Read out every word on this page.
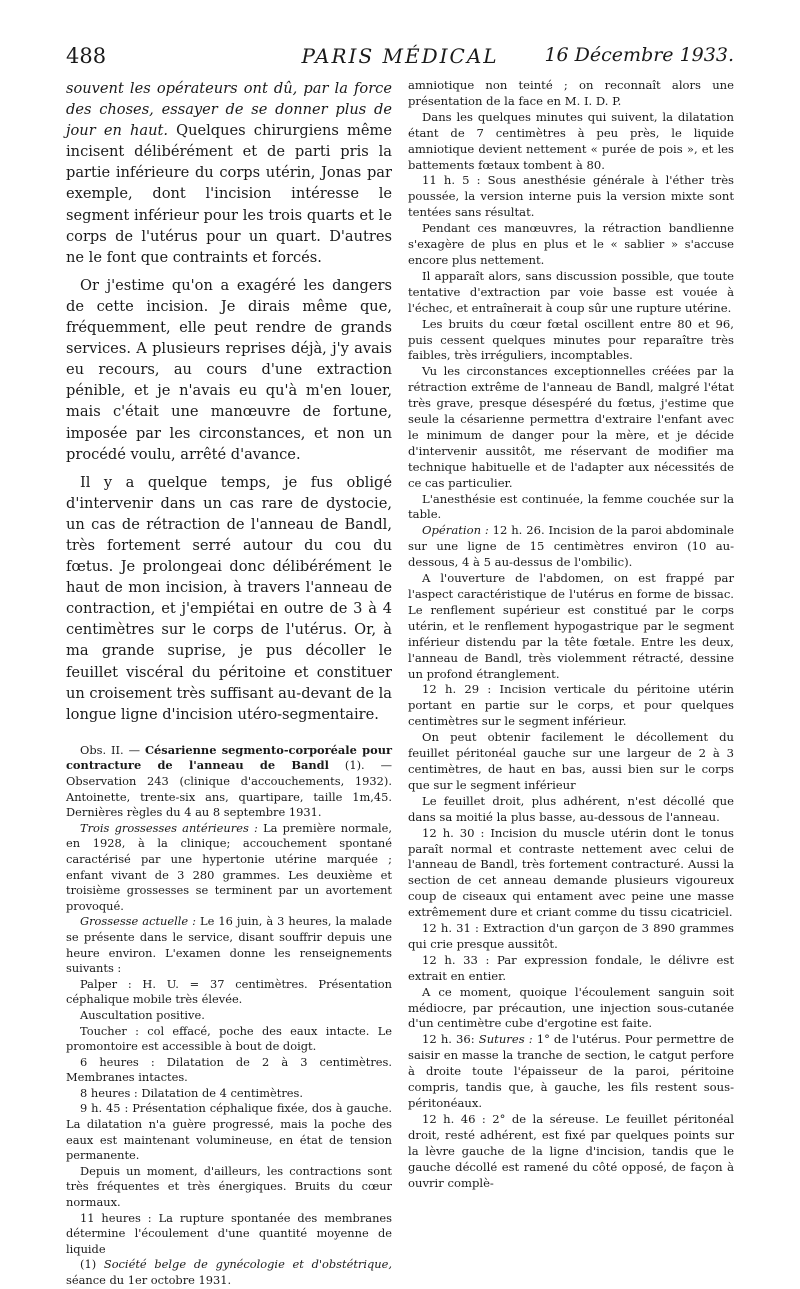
488	PARIS MÉDICAL	16 Décembre 1933.

souvent les opérateurs ont dû, par la force des choses, essayer de se donner plus de jour en haut. Quelques chirurgiens même incisent délibérément et de parti pris la partie inférieure du corps utérin, Jonas par exemple, dont l'incision intéresse le segment inférieur pour les trois quarts et le corps de l'utérus pour un quart. D'autres ne le font que contraints et forcés.

Or j'estime qu'on a exagéré les dangers de cette incision. Je dirais même que, fréquemment, elle peut rendre de grands services. A plusieurs reprises déjà, j'y avais eu recours, au cours d'une extraction pénible, et je n'avais eu qu'à m'en louer, mais c'était une manœuvre de fortune, imposée par les circonstances, et non un procédé voulu, arrêté d'avance.

Il y a quelque temps, je fus obligé d'intervenir dans un cas rare de dystocie, un cas de rétraction de l'anneau de Bandl, très fortement serré autour du cou du fœtus. Je prolongeai donc délibérément le haut de mon incision, à travers l'anneau de contraction, et j'empiétai en outre de 3 à 4 centimètres sur le corps de l'utérus. Or, à ma grande suprise, je pus décoller le feuillet viscéral du péritoine et constituer un croisement très suffisant au-devant de la longue ligne d'incision utéro-segmentaire.

Obs. II. — Césarienne segmento-corporéale pour contracture de l'anneau de Bandl (1). — Observation 243 (clinique d'accouchements, 1932). Antoinette, trente-six ans, quartipare, taille 1m,45. Dernières règles du 4 au 8 septembre 1931.

Trois grossesses antérieures : La première normale, en 1928, à la clinique; accouchement spontané caractérisé par une hypertonie utérine marquée ; enfant vivant de 3 280 grammes. Les deuxième et troisième grossesses se terminent par un avortement provoqué.

Grossesse actuelle : Le 16 juin, à 3 heures, la malade se présente dans le service, disant souffrir depuis une heure environ. L'examen donne les renseignements suivants :

Palper : H. U. = 37 centimètres. Présentation céphalique mobile très élevée.

Auscultation positive.

Toucher : col effacé, poche des eaux intacte. Le promontoire est accessible à bout de doigt.

6 heures : Dilatation de 2 à 3 centimètres. Membranes intactes.

8 heures : Dilatation de 4 centimètres.

9 h. 45 : Présentation céphalique fixée, dos à gauche. La dilatation n'a guère progressé, mais la poche des eaux est maintenant volumineuse, en état de tension permanente.

Depuis un moment, d'ailleurs, les contractions sont très fréquentes et très énergiques. Bruits du cœur normaux.

11 heures : La rupture spontanée des membranes détermine l'écoulement d'une quantité moyenne de liquide

(1) Société belge de gynécologie et d'obstétrique, séance du 1er octobre 1931.

amniotique non teinté ; on reconnaît alors une présentation de la face en M. I. D. P.

Dans les quelques minutes qui suivent, la dilatation étant de 7 centimètres à peu près, le liquide amniotique devient nettement « purée de pois », et les battements fœtaux tombent à 80.

11 h. 5 : Sous anesthésie générale à l'éther très poussée, la version interne puis la version mixte sont tentées sans résultat.

Pendant ces manœuvres, la rétraction bandlienne s'exagère de plus en plus et le « sablier » s'accuse encore plus nettement.

Il apparaît alors, sans discussion possible, que toute tentative d'extraction par voie basse est vouée à l'échec, et entraînerait à coup sûr une rupture utérine.

Les bruits du cœur fœtal oscillent entre 80 et 96, puis cessent quelques minutes pour reparaître très faibles, très irréguliers, incomptables.

Vu les circonstances exceptionnelles créées par la rétraction extrême de l'anneau de Bandl, malgré l'état très grave, presque désespéré du fœtus, j'estime que seule la césarienne permettra d'extraire l'enfant avec le minimum de danger pour la mère, et je décide d'intervenir aussitôt, me réservant de modifier ma technique habituelle et de l'adapter aux nécessités de ce cas particulier.

L'anesthésie est continuée, la femme couchée sur la table.

Opération : 12 h. 26. Incision de la paroi abdominale sur une ligne de 15 centimètres environ (10 au-dessous, 4 à 5 au-dessus de l'ombilic).

A l'ouverture de l'abdomen, on est frappé par l'aspect caractéristique de l'utérus en forme de bissac. Le renflement supérieur est constitué par le corps utérin, et le renflement hypogastrique par le segment inférieur distendu par la tête fœtale. Entre les deux, l'anneau de Bandl, très violemment rétracté, dessine un profond étranglement.

12 h. 29 : Incision verticale du péritoine utérin portant en partie sur le corps, et pour quelques centimètres sur le segment inférieur.

On peut obtenir facilement le décollement du feuillet péritonéal gauche sur une largeur de 2 à 3 centimètres, de haut en bas, aussi bien sur le corps que sur le segment inférieur

Le feuillet droit, plus adhérent, n'est décollé que dans sa moitié la plus basse, au-dessous de l'anneau.

12 h. 30 : Incision du muscle utérin dont le tonus paraît normal et contraste nettement avec celui de l'anneau de Bandl, très fortement contracturé. Aussi la section de cet anneau demande plusieurs vigoureux coup de ciseaux qui entament avec peine une masse extrêmement dure et criant comme du tissu cicatriciel.

12 h. 31 : Extraction d'un garçon de 3 890 grammes qui crie presque aussitôt.

12 h. 33 : Par expression fondale, le délivre est extrait en entier.

A ce moment, quoique l'écoulement sanguin soit médiocre, par précaution, une injection sous-cutanée d'un centimètre cube d'ergotine est faite.

12 h. 36: Sutures : 1° de l'utérus. Pour permettre de saisir en masse la tranche de section, le catgut perfore à droite toute l'épaisseur de la paroi, péritoine compris, tandis que, à gauche, les fils restent sous-péritonéaux.

12 h. 46 : 2° de la séreuse. Le feuillet péritonéal droit, resté adhérent, est fixé par quelques points sur la lèvre gauche de la ligne d'incision, tandis que le gauche décollé est ramené du côté opposé, de façon à ouvrir complè-
